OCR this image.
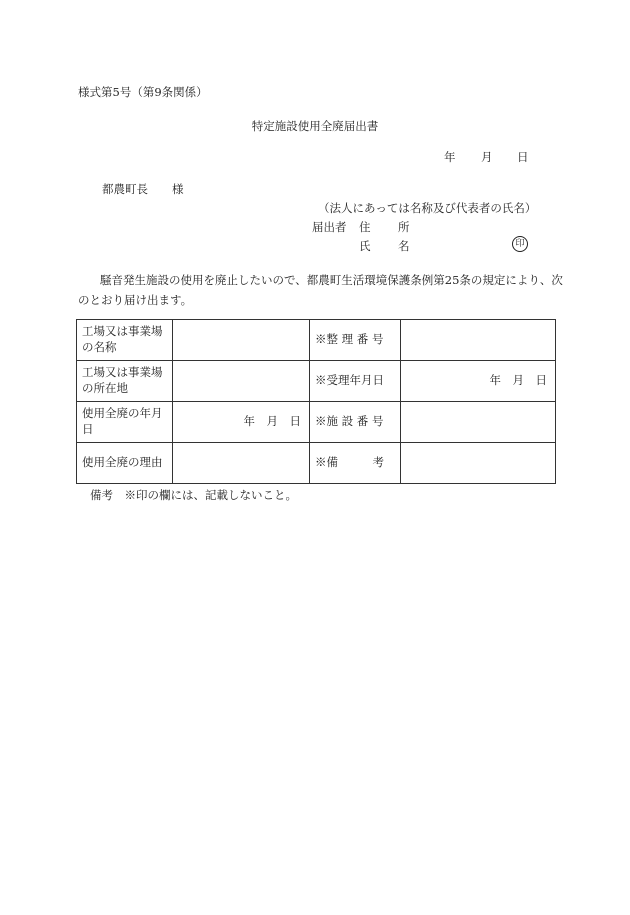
様式第5号（第9条関係）
特定施設使用全廃届出書
年 月 日
都農町長 様
（法人にあっては名称及び代表者の氏名）
届出者 住　所
氏　名	印
騒音発生施設の使用を廃止したいので、都農町生活環境保護条例第25条の規定により、次のとおり届け出ます。
工場又は事業場の名称		※整 理 番 号	
工場又は事業場の所在地		※受理年月日	年　月　日
使用全廃の年月日	年　月　日	※施 設 番 号	
使用全廃の理由		※備　　　考	
備考　※印の欄には、記載しないこと。
